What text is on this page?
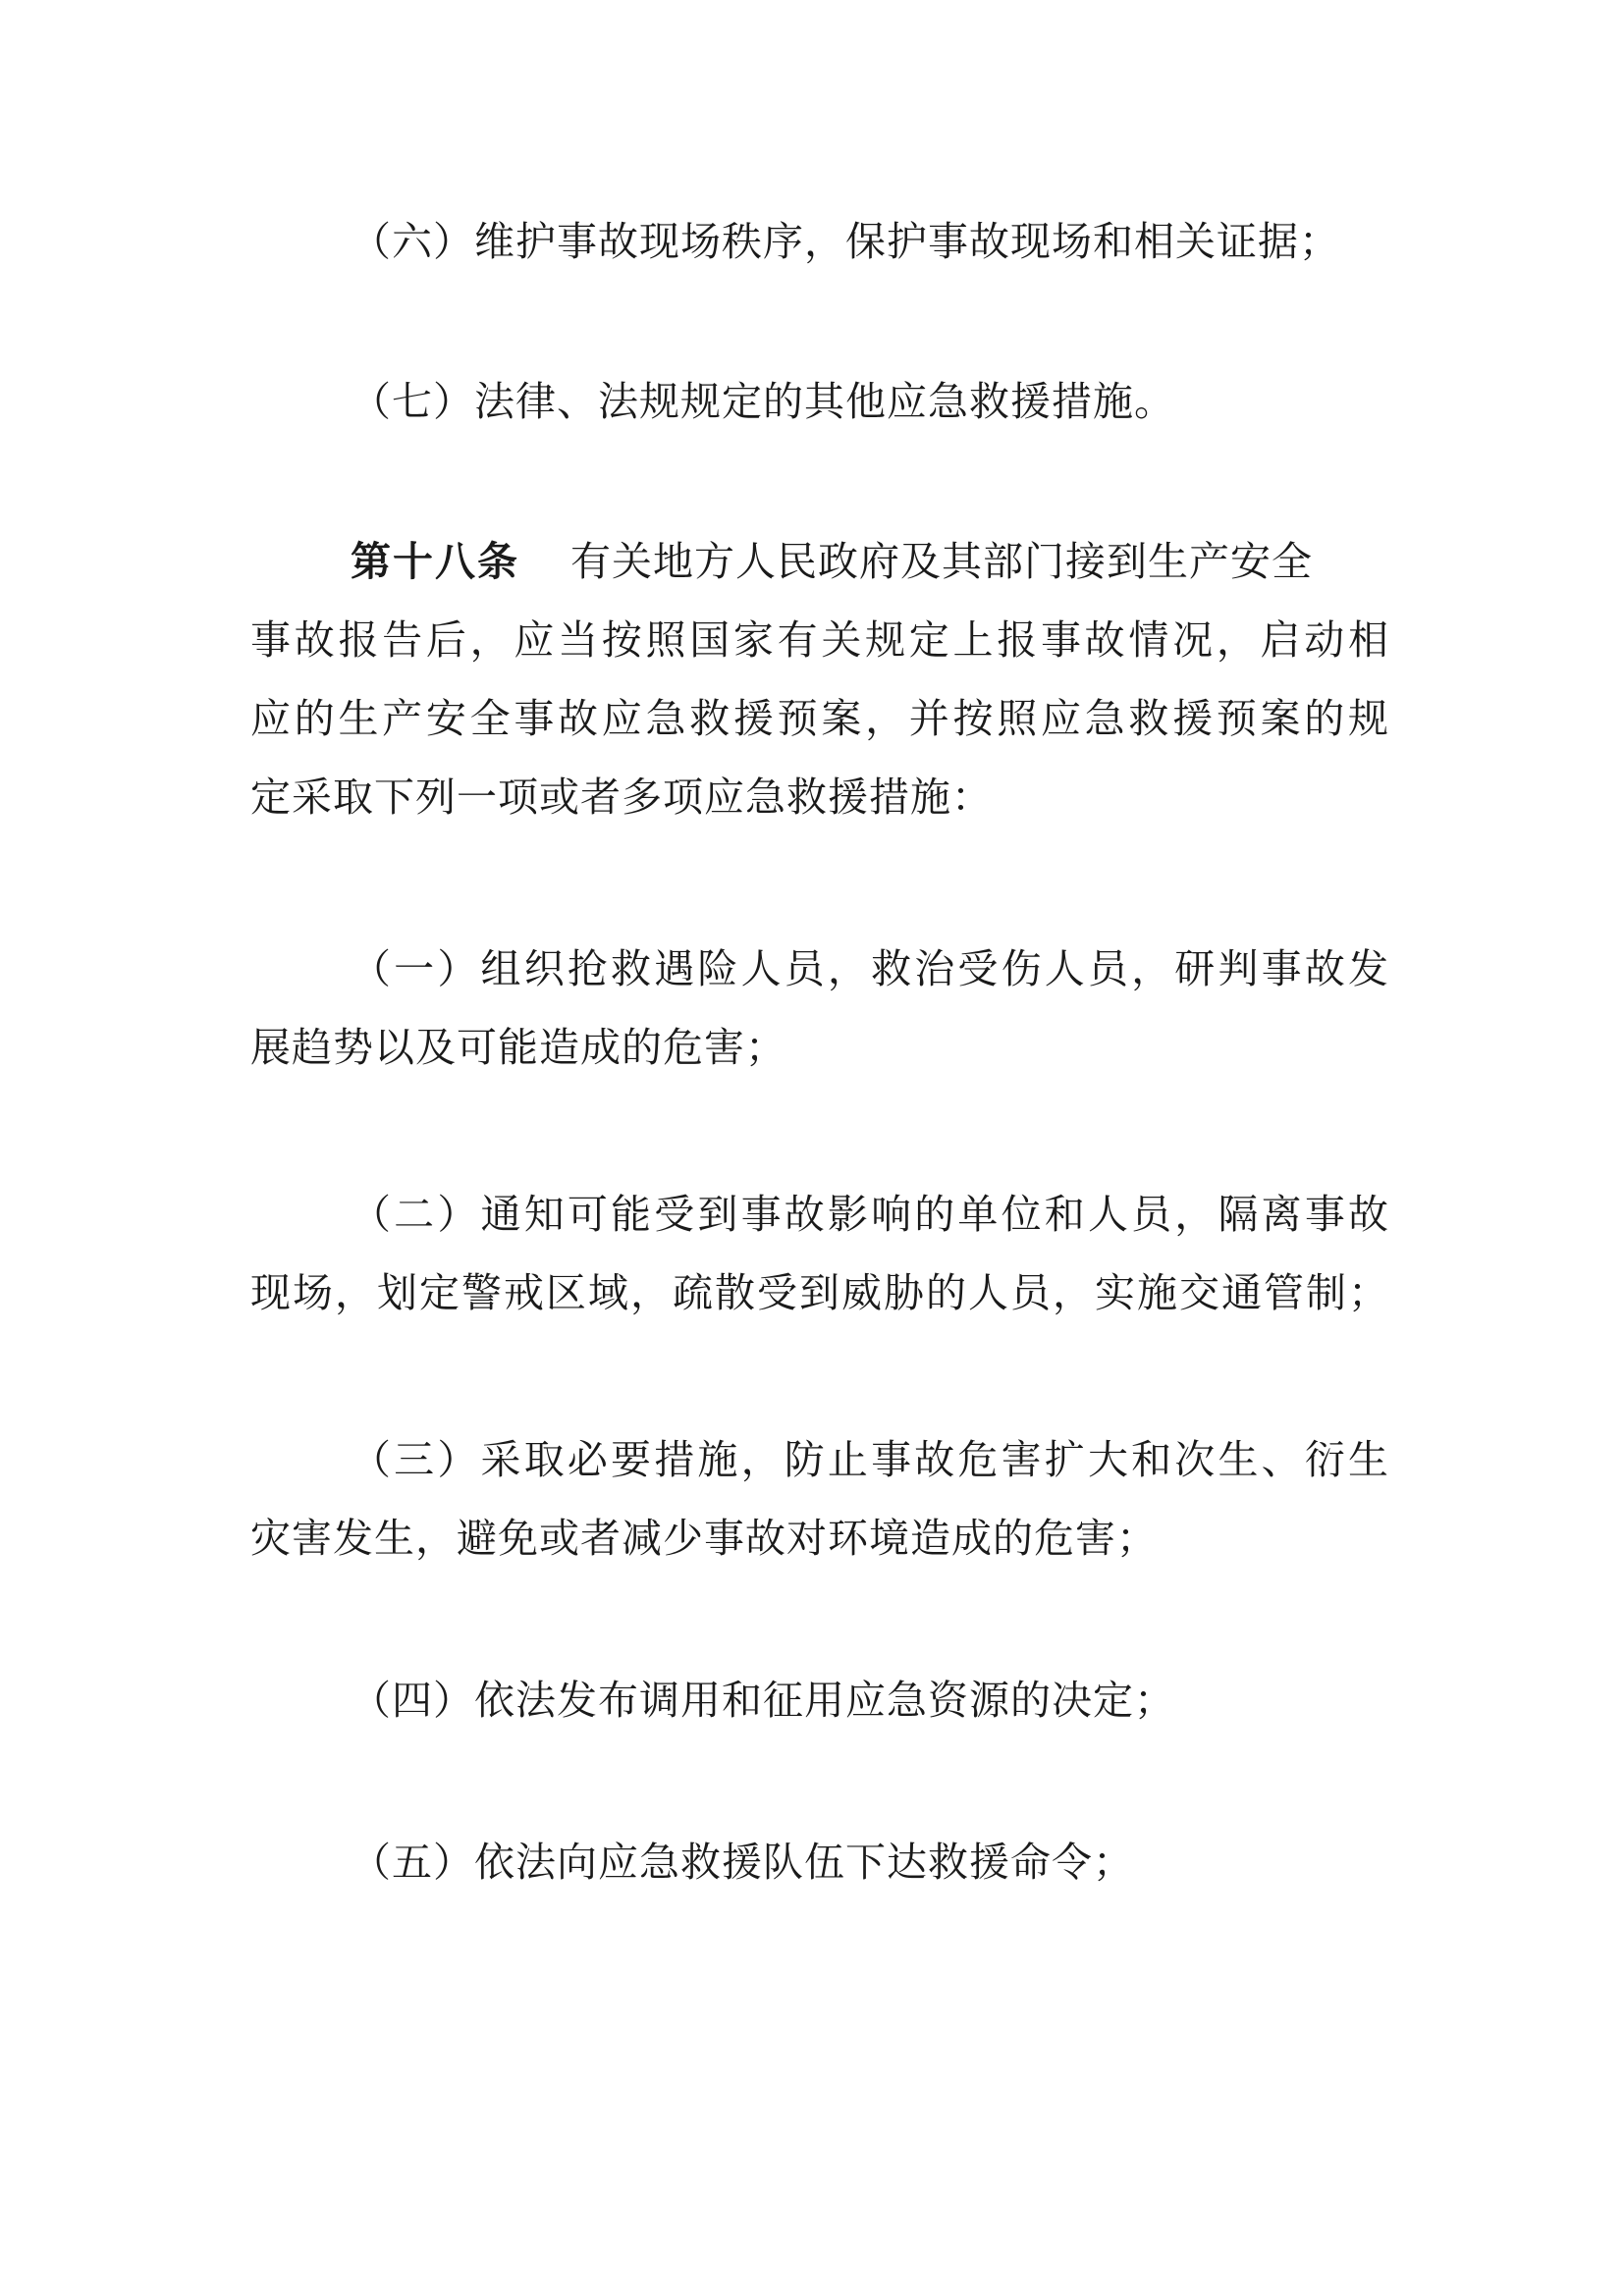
（六）维护事故现场秩序，保护事故现场和相关证据；
（七）法律、法规规定的其他应急救援措施。
第十八条 有关地方人民政府及其部门接到生产安全
事故报告后，应当按照国家有关规定上报事故情况，启动相
应的生产安全事故应急救援预案，并按照应急救援预案的规
定采取下列一项或者多项应急救援措施：
（一）组织抢救遇险人员，救治受伤人员，研判事故发
展趋势以及可能造成的危害；
（二）通知可能受到事故影响的单位和人员，隔离事故
现场，划定警戒区域，疏散受到威胁的人员，实施交通管制；
（三）采取必要措施，防止事故危害扩大和次生、衍生
灾害发生，避免或者减少事故对环境造成的危害；
（四）依法发布调用和征用应急资源的决定；
（五）依法向应急救援队伍下达救援命令；
